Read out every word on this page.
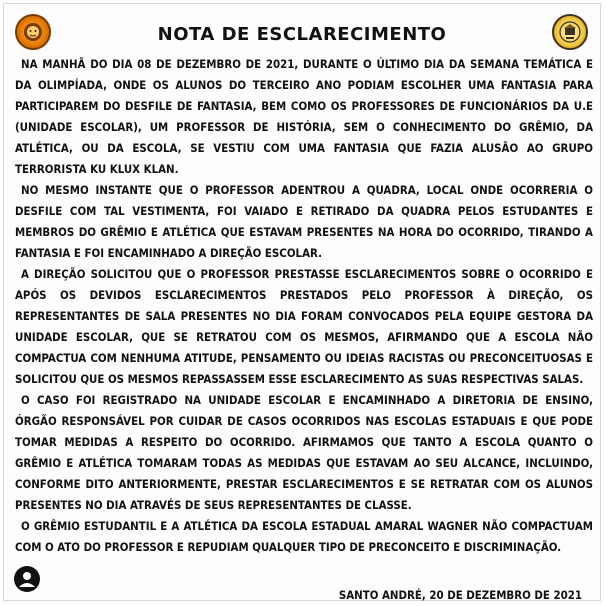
NOTA DE ESCLARECIMENTO

NA MANHÃ DO DIA 08 DE DEZEMBRO DE 2021, DURANTE O ÚLTIMO DIA DA SEMANA TEMÁTICA E DA OLIMPÍADA, ONDE OS ALUNOS DO TERCEIRO ANO PODIAM ESCOLHER UMA FANTASIA PARA PARTICIPAREM DO DESFILE DE FANTASIA, BEM COMO OS PROFESSORES DE FUNCIONÁRIOS DA U.E (UNIDADE ESCOLAR), UM PROFESSOR DE HISTÓRIA, SEM O CONHECIMENTO DO GRÊMIO, DA ATLÉTICA, OU DA ESCOLA, SE VESTIU COM UMA FANTASIA QUE FAZIA ALUSÃO AO GRUPO TERRORISTA KU KLUX KLAN.

NO MESMO INSTANTE QUE O PROFESSOR ADENTROU A QUADRA, LOCAL ONDE OCORRERIA O DESFILE COM TAL VESTIMENTA, FOI VAIADO E RETIRADO DA QUADRA PELOS ESTUDANTES E MEMBROS DO GRÊMIO E ATLÉTICA QUE ESTAVAM PRESENTES NA HORA DO OCORRIDO, TIRANDO A FANTASIA E FOI ENCAMINHADO A DIREÇÃO ESCOLAR.

A DIREÇÃO SOLICITOU QUE O PROFESSOR PRESTASSE ESCLARECIMENTOS SOBRE O OCORRIDO E APÓS OS DEVIDOS ESCLARECIMENTOS PRESTADOS PELO PROFESSOR À DIREÇÃO, OS REPRESENTANTES DE SALA PRESENTES NO DIA FORAM CONVOCADOS PELA EQUIPE GESTORA DA UNIDADE ESCOLAR, QUE SE RETRATOU COM OS MESMOS, AFIRMANDO QUE A ESCOLA NÃO COMPACTUA COM NENHUMA ATITUDE, PENSAMENTO OU IDEIAS RACISTAS OU PRECONCEITUOSAS E SOLICITOU QUE OS MESMOS REPASSASSEM ESSE ESCLARECIMENTO AS SUAS RESPECTIVAS SALAS.

O CASO FOI REGISTRADO NA UNIDADE ESCOLAR E ENCAMINHADO A DIRETORIA DE ENSINO, ÓRGÃO RESPONSÁVEL POR CUIDAR DE CASOS OCORRIDOS NAS ESCOLAS ESTADUAIS E QUE PODE TOMAR MEDIDAS A RESPEITO DO OCORRIDO. AFIRMAMOS QUE TANTO A ESCOLA QUANTO O GRÊMIO E ATLÉTICA TOMARAM TODAS AS MEDIDAS QUE ESTAVAM AO SEU ALCANCE, INCLUINDO, CONFORME DITO ANTERIORMENTE, PRESTAR ESCLARECIMENTOS E SE RETRATAR COM OS ALUNOS PRESENTES NO DIA ATRAVÉS DE SEUS REPRESENTANTES DE CLASSE.

O GRÊMIO ESTUDANTIL E A ATLÉTICA DA ESCOLA ESTADUAL AMARAL WAGNER NÃO COMPACTUAM COM O ATO DO PROFESSOR E REPUDIAM QUALQUER TIPO DE PRECONCEITO E DISCRIMINAÇÃO.

SANTO ANDRÉ, 20 DE DEZEMBRO DE 2021
